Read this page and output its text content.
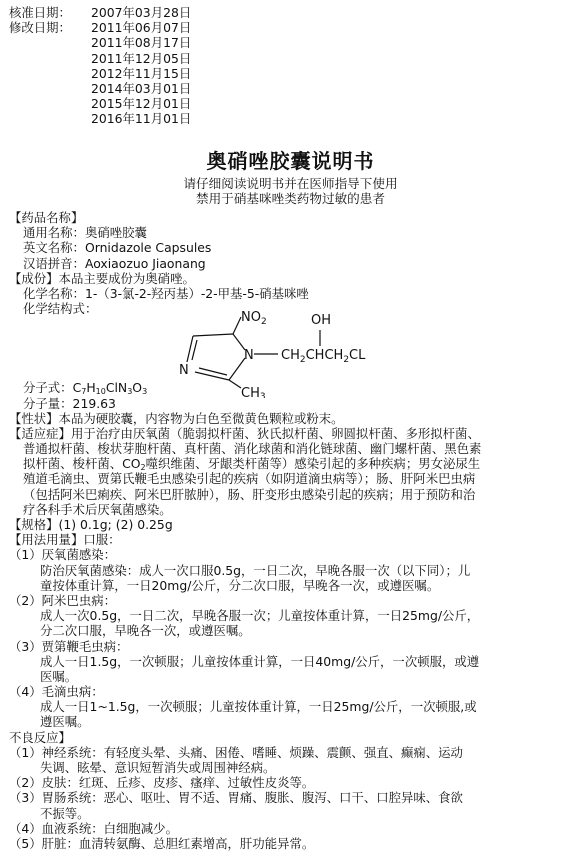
核准日期：	2007年03月28日
修改日期：	2011年06月07日
2011年08月17日
2011年12月05日
2012年11月15日
2014年03月01日
2015年12月01日
2016年11月01日
奥硝唑胶囊说明书
请仔细阅读说明书并在医师指导下使用
禁用于硝基咪唑类药物过敏的患者
【药品名称】
通用名称：奥硝唑胶囊
英文名称：Ornidazole Capsules
汉语拼音：Aoxiaozuo Jiaonang
【成份】本品主要成份为奥硝唑。
化学名称：1-（3-氯-2-羟丙基）-2-甲基-5-硝基咪唑
化学结构式：
分子式：$C_7H_{10}ClN_3O_3$
分子量：219.63
【性状】本品为硬胶囊，内容物为白色至微黄色颗粒或粉末。
【适应症】用于治疗由厌氧菌（脆弱拟杆菌、狄氏拟杆菌、卵圆拟杆菌、多形拟杆菌、
普通拟杆菌、梭状芽胞杆菌、真杆菌、消化球菌和消化链球菌、幽门螺杆菌、黑色素
拟杆菌、梭杆菌、$CO_2$噬织维菌、牙龈类杆菌等）感染引起的多种疾病；男女泌尿生
殖道毛滴虫、贾第氏鞭毛虫感染引起的疾病（如阴道滴虫病等）；肠、肝阿米巴虫病
（包括阿米巴痢疾、阿米巴肝脓肿），肠、肝变形虫感染引起的疾病；用于预防和治
疗各科手术后厌氧菌感染。
【规格】(1) 0.1g; (2) 0.25g
【用法用量】口服：
（1）厌氧菌感染：
防治厌氧菌感染：成人一次口服0.5g，一日二次，早晚各服一次（以下同）；儿
童按体重计算，一日20mg/公斤，分二次口服，早晚各一次，或遵医嘱。
（2）阿米巴虫病：
成人一次0.5g，一日二次，早晚各服一次；儿童按体重计算，一日25mg/公斤，
分二次口服，早晚各一次，或遵医嘱。
（3）贾第鞭毛虫病：
成人一日1.5g，一次顿服；儿童按体重计算，一日40mg/公斤，一次顿服，或遵
医嘱。
（4）毛滴虫病：
成人一日1~1.5g，一次顿服；儿童按体重计算，一日25mg/公斤，一次顿服,或
遵医嘱。
不良反应】
（1）神经系统：有轻度头晕、头痛、困倦、嗜睡、烦躁、震颤、强直、癫痫、运动
失调、眩晕、意识短暂消失或周围神经病。
（2）皮肤：红斑、丘疹、皮疹、瘙痒、过敏性皮炎等。
（3）胃肠系统：恶心、呕吐、胃不适、胃痛、腹胀、腹泻、口干、口腔异味、食欲
不振等。
（4）血液系统：白细胞减少。
（5）肝脏：血清转氨酶、总胆红素增高，肝功能异常。
$NO_2$	OH
N
N
$CH_2CHCH_2CL$
CH3
